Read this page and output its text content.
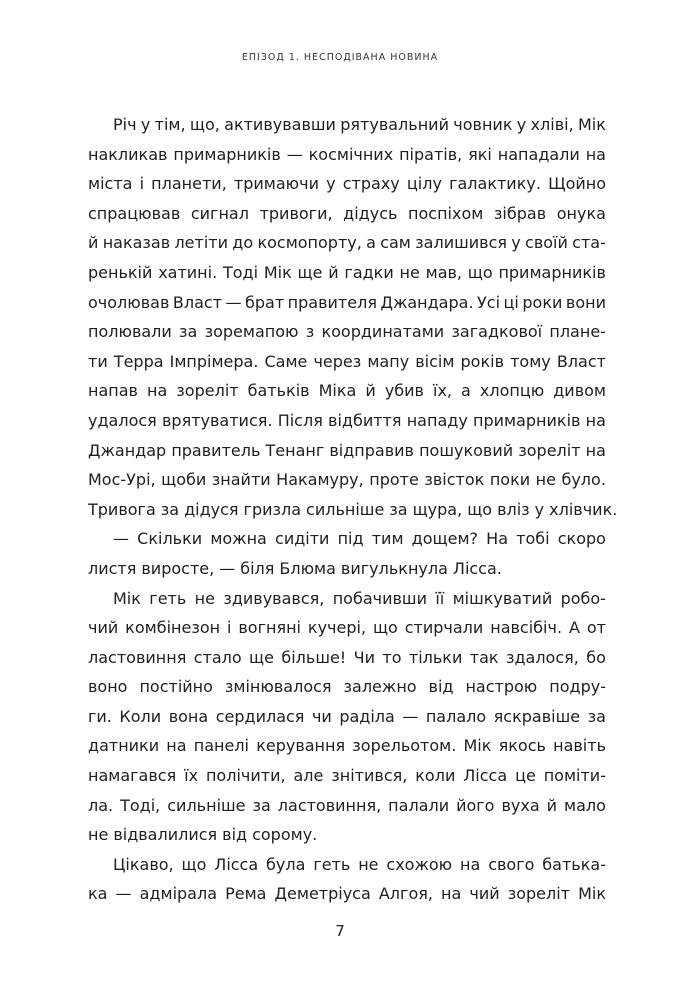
ЕПІЗОД 1. НЕСПОДІВАНА НОВИНА
Річ у тім, що, активувавши рятувальний човник у хліві, Мік
накликав примарників — космічних піратів, які нападали на
міста і планети, тримаючи у страху цілу галактику. Щойно
спрацював сигнал тривоги, дідусь поспіхом зібрав онука
й наказав летіти до космопорту, а сам залишився у своїй ста-
ренькій хатині. Тоді Мік ще й гадки не мав, що примарників
очолював Власт — брат правителя Джандара. Усі ці роки вони
полювали за зоремапою з координатами загадкової плане-
ти Терра Імпрімера. Саме через мапу вісім років тому Власт
напав на зореліт батьків Міка й убив їх, а хлопцю дивом
удалося врятуватися. Після відбиття нападу примарників на
Джандар правитель Тенанг відправив пошуковий зореліт на
Мос-Урі, щоби знайти Накамуру, проте звісток поки не було.
Тривога за дідуся гризла сильніше за щура, що вліз у хлівчик.
— Скільки можна сидіти під тим дощем? На тобі скоро
листя виросте, — біля Блюма вигулькнула Лісса.
Мік геть не здивувався, побачивши її мішкуватий робо-
чий комбінезон і вогняні кучері, що стирчали навсібіч. А от
ластовиння стало ще більше! Чи то тільки так здалося, бо
воно постійно змінювалося залежно від настрою подру-
ги. Коли вона сердилася чи раділа — палало яскравіше за
датники на панелі керування зорельотом. Мік якось навіть
намагався їх полічити, але знітився, коли Лісса це поміти-
ла. Тоді, сильніше за ластовиння, палали його вуха й мало
не відвалилися від сорому.
Цікаво, що Лісса була геть не схожою на свого батька-
ка — адмірала Рема Деметріуса Алгоя, на чий зореліт Мік
7
